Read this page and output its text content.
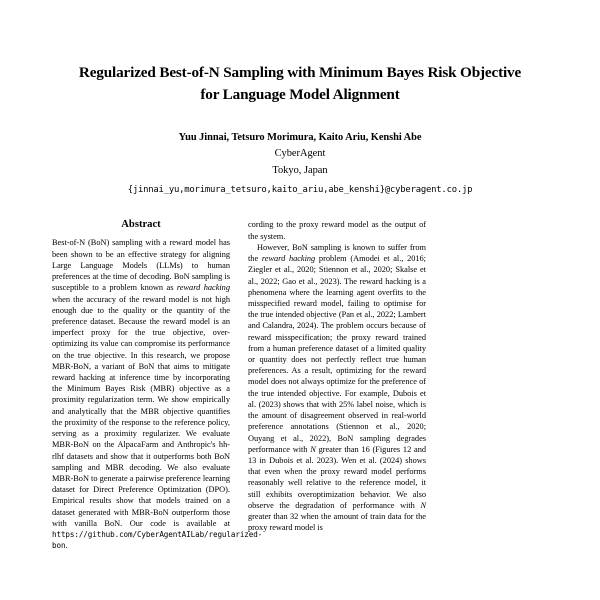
Regularized Best-of-N Sampling with Minimum Bayes Risk Objective
for Language Model Alignment
Yuu Jinnai, Tetsuro Morimura, Kaito Ariu, Kenshi Abe
CyberAgent
Tokyo, Japan
{jinnai_yu,morimura_tetsuro,kaito_ariu,abe_kenshi}@cyberagent.co.jp
Abstract

Best-of-N (BoN) sampling with a reward model has been shown to be an effective strategy for aligning Large Language Models (LLMs) to human preferences at the time of decoding. BoN sampling is susceptible to a problem known as reward hacking when the accuracy of the reward model is not high enough due to the quality or the quantity of the preference dataset. Because the reward model is an imperfect proxy for the true objective, over-optimizing its value can compromise its performance on the true objective. In this research, we propose MBR-BoN, a variant of BoN that aims to mitigate reward hacking at inference time by incorporating the Minimum Bayes Risk (MBR) objective as a proximity regularization term. We show empirically and analytically that the MBR objective quantifies the proximity of the response to the reference policy, serving as a proximity regularizer. We evaluate MBR-BoN on the AlpacaFarm and Anthropic's hh-rlhf datasets and show that it outperforms both BoN sampling and MBR decoding. We also evaluate MBR-BoN to generate a pairwise preference learning dataset for Direct Preference Optimization (DPO). Empirical results show that models trained on a dataset generated with MBR-BoN outperform those with vanilla BoN. Our code is available at https://github.com/CyberAgentAILab/regularized-bon.

cording to the proxy reward model as the output of the system.

However, BoN sampling is known to suffer from the reward hacking problem (Amodei et al., 2016; Ziegler et al., 2020; Stiennon et al., 2020; Skalse et al., 2022; Gao et al., 2023). The reward hacking is a phenomena where the learning agent overfits to the misspecified reward model, failing to optimise for the true intended objective (Pan et al., 2022; Lambert and Calandra, 2024). The problem occurs because of reward misspecification; the proxy reward trained from a human preference dataset of a limited quality or quantity does not perfectly reflect true human preferences. As a result, optimizing for the reward model does not always optimize for the preference of the true intended objective. For example, Dubois et al. (2023) shows that with 25% label noise, which is the amount of disagreement observed in real-world preference annotations (Stiennon et al., 2020; Ouyang et al., 2022), BoN sampling degrades performance with N greater than 16 (Figures 12 and 13 in Dubois et al. 2023). Wen et al. (2024) shows that even when the proxy reward model performs reasonably well relative to the reference model, it still exhibits overoptimization behavior. We also observe the degradation of performance with N greater than 32 when the amount of train data for the proxy reward model is
